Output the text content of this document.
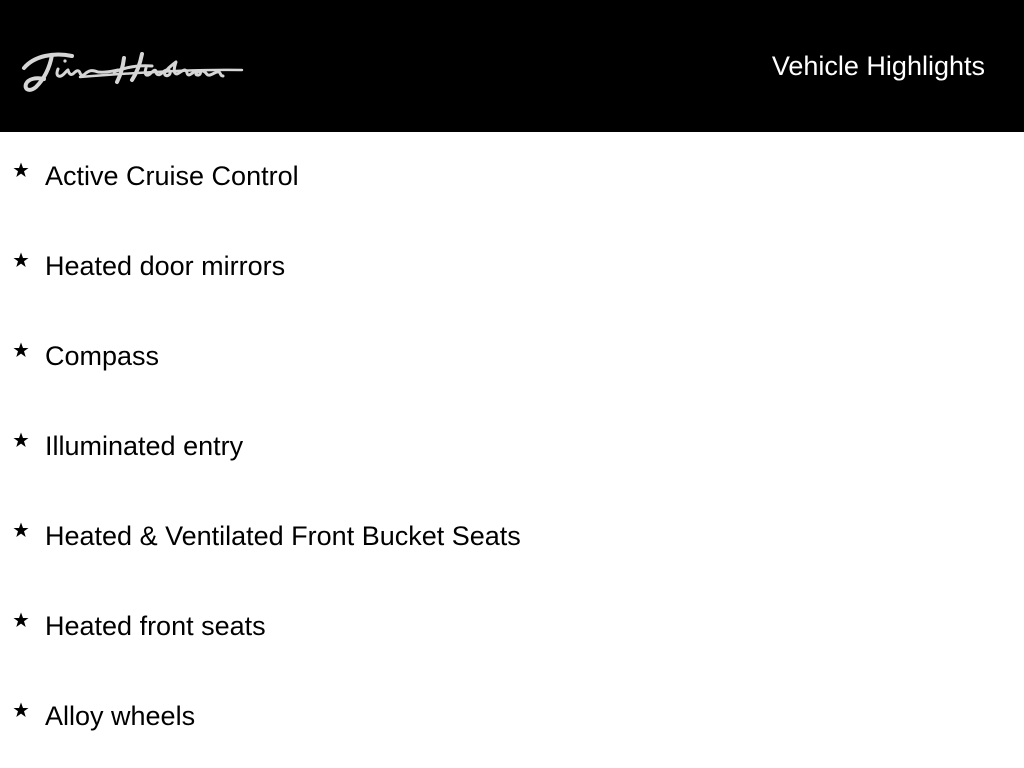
Vehicle Highlights
Active Cruise Control
Heated door mirrors
Compass
Illuminated entry
Heated & Ventilated Front Bucket Seats
Heated front seats
Alloy wheels
